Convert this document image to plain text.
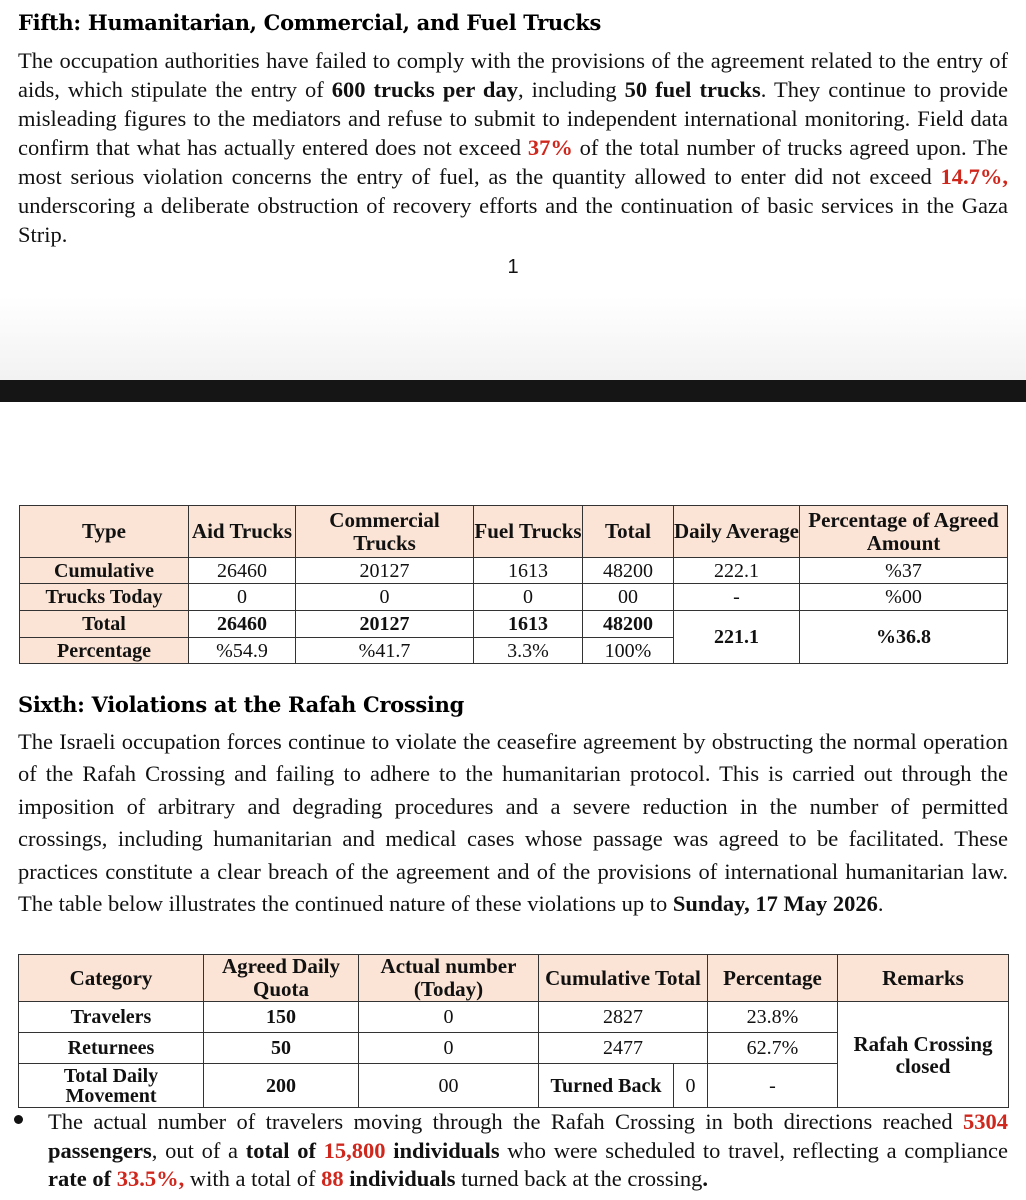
Fifth: Humanitarian, Commercial, and Fuel Trucks
The occupation authorities have failed to comply with the provisions of the agreement related to the entry of aids, which stipulate the entry of 600 trucks per day, including 50 fuel trucks. They continue to provide misleading figures to the mediators and refuse to submit to independent international monitoring. Field data confirm that what has actually entered does not exceed 37% of the total number of trucks agreed upon. The most serious violation concerns the entry of fuel, as the quantity allowed to enter did not exceed 14.7%, underscoring a deliberate obstruction of recovery efforts and the continuation of basic services in the Gaza Strip.
1
Type	Aid Trucks	Commercial Trucks	Fuel Trucks	Total	Daily Average	Percentage of Agreed Amount
Cumulative	26460	20127	1613	48200	222.1	%37
Trucks Today	0	0	0	00	-	%00
Total	26460	20127	1613	48200	221.1	%36.8
Percentage	%54.9	%41.7	3.3%	100%		
Sixth: Violations at the Rafah Crossing
The Israeli occupation forces continue to violate the ceasefire agreement by obstructing the normal operation of the Rafah Crossing and failing to adhere to the humanitarian protocol. This is carried out through the imposition of arbitrary and degrading procedures and a severe reduction in the number of permitted crossings, including humanitarian and medical cases whose passage was agreed to be facilitated. These practices constitute a clear breach of the agreement and of the provisions of international humanitarian law. The table below illustrates the continued nature of these violations up to Sunday, 17 May 2026.
Category	Agreed Daily Quota	Actual number (Today)	Cumulative Total		Percentage	Remarks
Travelers	150	0	2827		23.8%	Rafah Crossing closed
Returnees	50	0	2477		62.7%	
Total Daily Movement	200	00	Turned Back	0	-	
The actual number of travelers moving through the Rafah Crossing in both directions reached 5304 passengers, out of a total of 15,800 individuals who were scheduled to travel, reflecting a compliance rate of 33.5%, with a total of 88 individuals turned back at the crossing.
